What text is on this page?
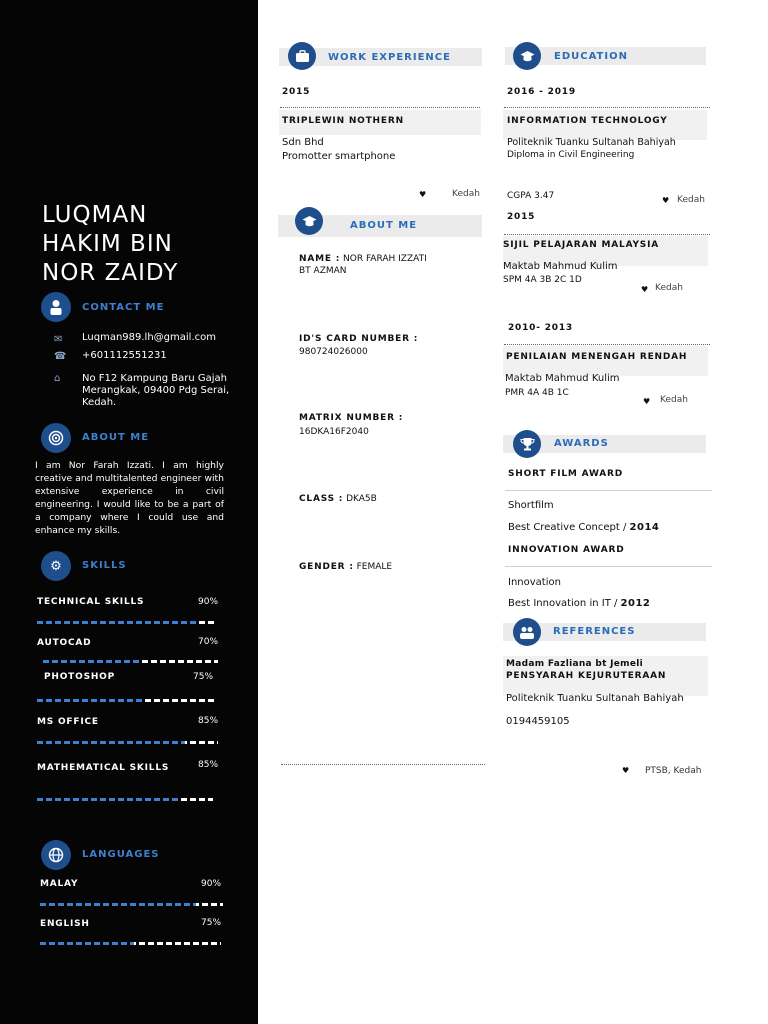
LUQMAN
HAKIM BIN
NOR ZAIDY
CONTACT ME
✉ Luqman989.lh@gmail.com
☎ +601112551231
⌂ No F12 Kampung Baru Gajah
Merangkak, 09400 Pdg Serai,
Kedah.
ABOUT ME
I am Nor Farah Izzati. I am highly creative and multitalented engineer with extensive experience in civil engineering. I would like to be a part of a company where I could use and enhance my skills.
⚙	SKILLS
TECHNICAL SKILLS	90%
AUTOCAD	70%
PHOTOSHOP	75%
MS OFFICE	85%
MATHEMATICAL SKILLS	85%
LANGUAGES
MALAY	90%
ENGLISH	75%
WORK EXPERIENCE
2015
TRIPLEWIN NOTHERN
Sdn Bhd
Promotter smartphone
♥	Kedah
ABOUT ME
NAME : NOR FARAH IZZATI
BT AZMAN
ID'S CARD NUMBER :
980724026000
MATRIX NUMBER :
16DKA16F2040
CLASS : DKA5B
GENDER : FEMALE
EDUCATION
2016 - 2019
INFORMATION TECHNOLOGY
Politeknik Tuanku Sultanah Bahiyah
Diploma in Civil Engineering
CGPA 3.47	♥ Kedah
2015
SIJIL PELAJARAN MALAYSIA
Maktab Mahmud Kulim
SPM 4A 3B 2C 1D
♥ Kedah
2010- 2013
PENILAIAN MENENGAH RENDAH
Maktab Mahmud Kulim
PMR 4A 4B 1C
♥ Kedah
AWARDS
SHORT FILM AWARD
Shortfilm
Best Creative Concept / 2014
INNOVATION AWARD
Innovation
Best Innovation in IT / 2012
REFERENCES
Madam Fazliana bt Jemeli
PENSYARAH KEJURUTERAAN
Politeknik Tuanku Sultanah Bahiyah
0194459105
♥ PTSB, Kedah
